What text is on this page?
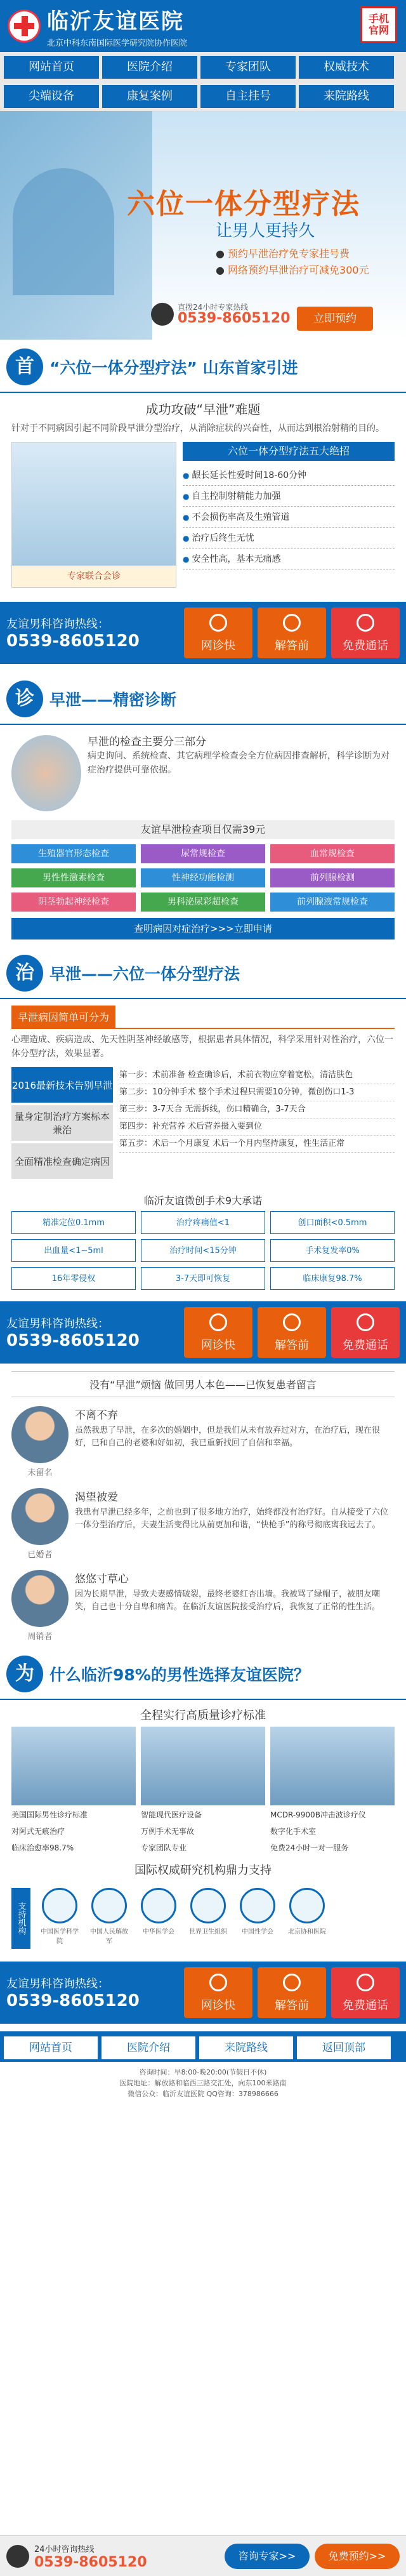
临沂友谊医院
北京中科东南国际医学研究院协作医院
手机官网
网站首页	医院介绍	专家团队	权威技术
尖端设备	康复案例	自主挂号	来院路线
六位一体分型疗法
让男人更持久
● 预约早泄治疗免专家挂号费
● 网络预约早泄治疗可减免300元
直拨24小时专家热线
0539-8605120	立即预约
首 “六位一体分型疗法” 山东首家引进
成功攻破“早泄”难题
针对于不同病因引起不同阶段早泄分型治疗，从消除症状的兴奋性，从而达到根治射精的目的。
专家联合会诊
六位一体分型疗法五大绝招
● 龈长延长性爱时间18-60分钟
● 自主控制射精能力加强
● 不会损伤率高及生殖管道
● 治疗后终生无忧
● 安全性高，基本无痛感
友谊男科咨询热线：
0539-8605120	网诊快	解答前	免费通话
诊 早泄——精密诊断
早泄的检查主要分三部分
病史询问、系统检查、其它病理学检查会全方位病因排查解析，科学诊断为对症治疗提供可靠依据。
友谊早泄检查项目仅需39元
生殖器官形态检查	尿常规检查	血常规检查
男性性激素检查	性神经功能检测	前列腺检测
阴茎勃起神经检查	男科泌尿彩超检查	前列腺液常规检查
查明病因对症治疗>>>立即申请
治 早泄——六位一体分型疗法
早泄病因简单可分为
心理造成、疾病造成、先天性阴茎神经敏感等，根据患者具体情况，科学采用针对性治疗，六位一体分型疗法，效果显著。
2016最新技术告别早泄
量身定制治疗方案标本兼治
全面精准检查确定病因
第一步：术前准备 检查确诊后，术前衣物应穿着宽松，清洁肤色
第二步：10分钟手术 整个手术过程只需要10分钟，微创伤口1-3
第三步：3-7天合 无需拆线，伤口精确合，3-7天合
第四步：补充营养 术后营养摄入要到位
第五步：术后一个月康复 术后一个月内坚持康复，性生活正常
临沂友谊微创手术9大承诺
精准定位0.1mm	治疗疼痛值<1	创口面积<0.5mm
出血量<1~5ml	治疗时间<15分钟	手术复发率0%
16年零侵权	3-7天即可恢复	临床康复98.7%
友谊男科咨询热线：
0539-8605120	网诊快	解答前	免费通话
没有“早泄”烦恼 做回男人本色——已恢复患者留言
未留名
不离不弃
虽然我患了早泄，在多次的婚姻中，但是我们从未有放弃过对方，在治疗后，现在很好，已和自己的老婆和好如初，我已重新找回了自信和幸福。
已婚者
渴望被爱
我患有早泄已经多年，之前也到了很多地方治疗，始终都没有治疗好。自从接受了六位一体分型治疗后，夫妻生活变得比从前更加和谐，“快枪手”的称号彻底离我远去了。
周销者
悠悠寸草心
因为长期早泄，导致夫妻感情破裂，最终老婆红杏出墙。我被骂了绿帽子，被朋友嘲笑，自己也十分自卑和痛苦。在临沂友谊医院接受治疗后，我恢复了正常的性生活。
为 什么临沂98%的男性选择友谊医院？
全程实行高质量诊疗标准
美国国际男性诊疗标准	智能现代医疗设备	MCDR-9900B冲击波诊疗仪
对阿式无痕治疗	万例手术无事故	数字化手术室
临床治愈率98.7%	专家团队专业	免费24小时一对一服务
国际权威研究机构鼎力支持
支持机构	中国医学科学院
中国人民解放军
中华医学会	世界卫生组织	中国性学会	北京协和医院
友谊男科咨询热线：
0539-8605120	网诊快	解答前	免费通话
网站首页	医院介绍	来院路线	返回顶部
咨询时间：早8:00-晚20:00(节假日不休)
医院地址：解放路和临西三路交汇处，向东100米路南
微信公众：临沂友谊医院 QQ咨询：378986666
24小时咨询热线
0539-8605120	咨询专家>>	免费预约>>
